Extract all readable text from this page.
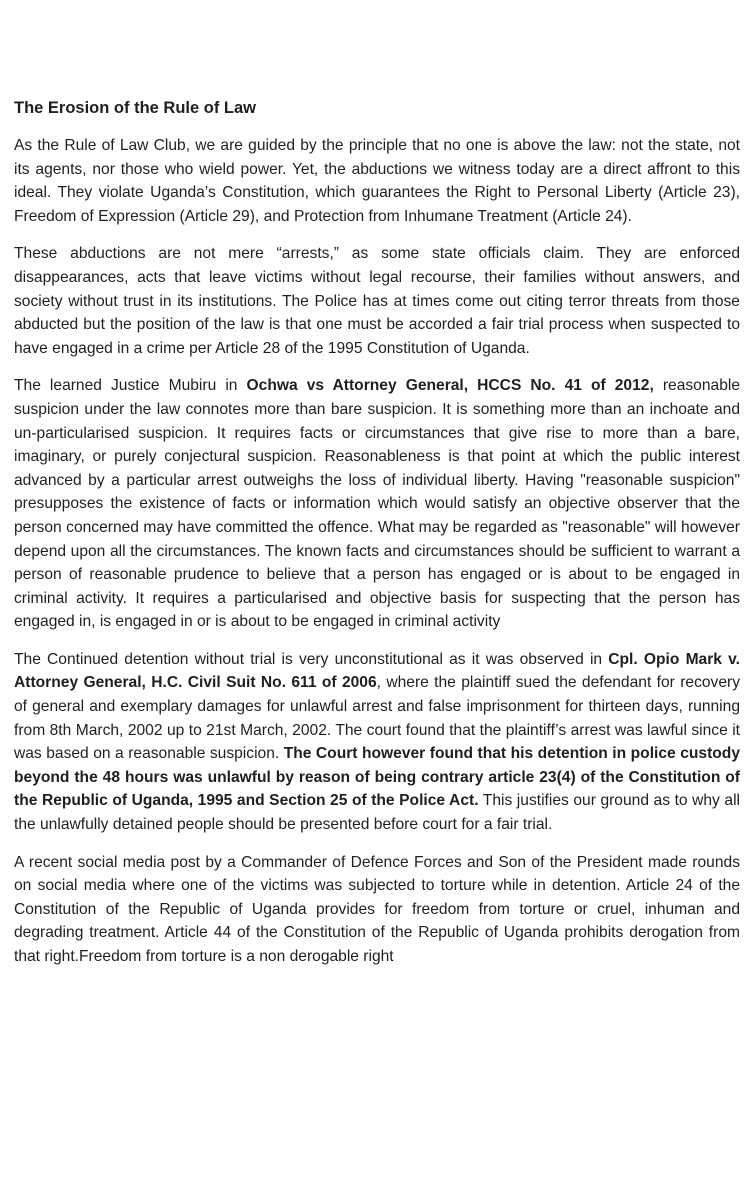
The Erosion of the Rule of Law

As the Rule of Law Club, we are guided by the principle that no one is above the law: not the state, not its agents, nor those who wield power. Yet, the abductions we witness today are a direct affront to this ideal. They violate Uganda’s Constitution, which guarantees the Right to Personal Liberty (Article 23), Freedom of Expression (Article 29), and Protection from Inhumane Treatment (Article 24).

These abductions are not mere “arrests,” as some state officials claim. They are enforced disappearances, acts that leave victims without legal recourse, their families without answers, and society without trust in its institutions. The Police has at times come out citing terror threats from those abducted but the position of the law is that one must be accorded a fair trial process when suspected to have engaged in a crime per Article 28 of the 1995 Constitution of Uganda.

The learned Justice Mubiru in Ochwa vs Attorney General, HCCS No. 41 of 2012, reasonable suspicion under the law connotes more than bare suspicion. It is something more than an inchoate and un-particularised suspicion. It requires facts or circumstances that give rise to more than a bare, imaginary, or purely conjectural suspicion. Reasonableness is that point at which the public interest advanced by a particular arrest outweighs the loss of individual liberty. Having "reasonable suspicion" presupposes the existence of facts or information which would satisfy an objective observer that the person concerned may have committed the offence. What may be regarded as "reasonable" will however depend upon all the circumstances. The known facts and circumstances should be sufficient to warrant a person of reasonable prudence to believe that a person has engaged or is about to be engaged in criminal activity. It requires a particularised and objective basis for suspecting that the person has engaged in, is engaged in or is about to be engaged in criminal activity

The Continued detention without trial is very unconstitutional as it was observed in Cpl. Opio Mark v. Attorney General, H.C. Civil Suit No. 611 of 2006, where the plaintiff sued the defendant for recovery of general and exemplary damages for unlawful arrest and false imprisonment for thirteen days, running from 8th March, 2002 up to 21st March, 2002. The court found that the plaintiff’s arrest was lawful since it was based on a reasonable suspicion. The Court however found that his detention in police custody beyond the 48 hours was unlawful by reason of being contrary article 23(4) of the Constitution of the Republic of Uganda, 1995 and Section 25 of the Police Act. This justifies our ground as to why all the unlawfully detained people should be presented before court for a fair trial.

A recent social media post by a Commander of Defence Forces and Son of the President made rounds on social media where one of the victims was subjected to torture while in detention. Article 24 of the Constitution of the Republic of Uganda provides for freedom from torture or cruel, inhuman and degrading treatment. Article 44 of the Constitution of the Republic of Uganda prohibits derogation from that right.Freedom from torture is a non derogable right
